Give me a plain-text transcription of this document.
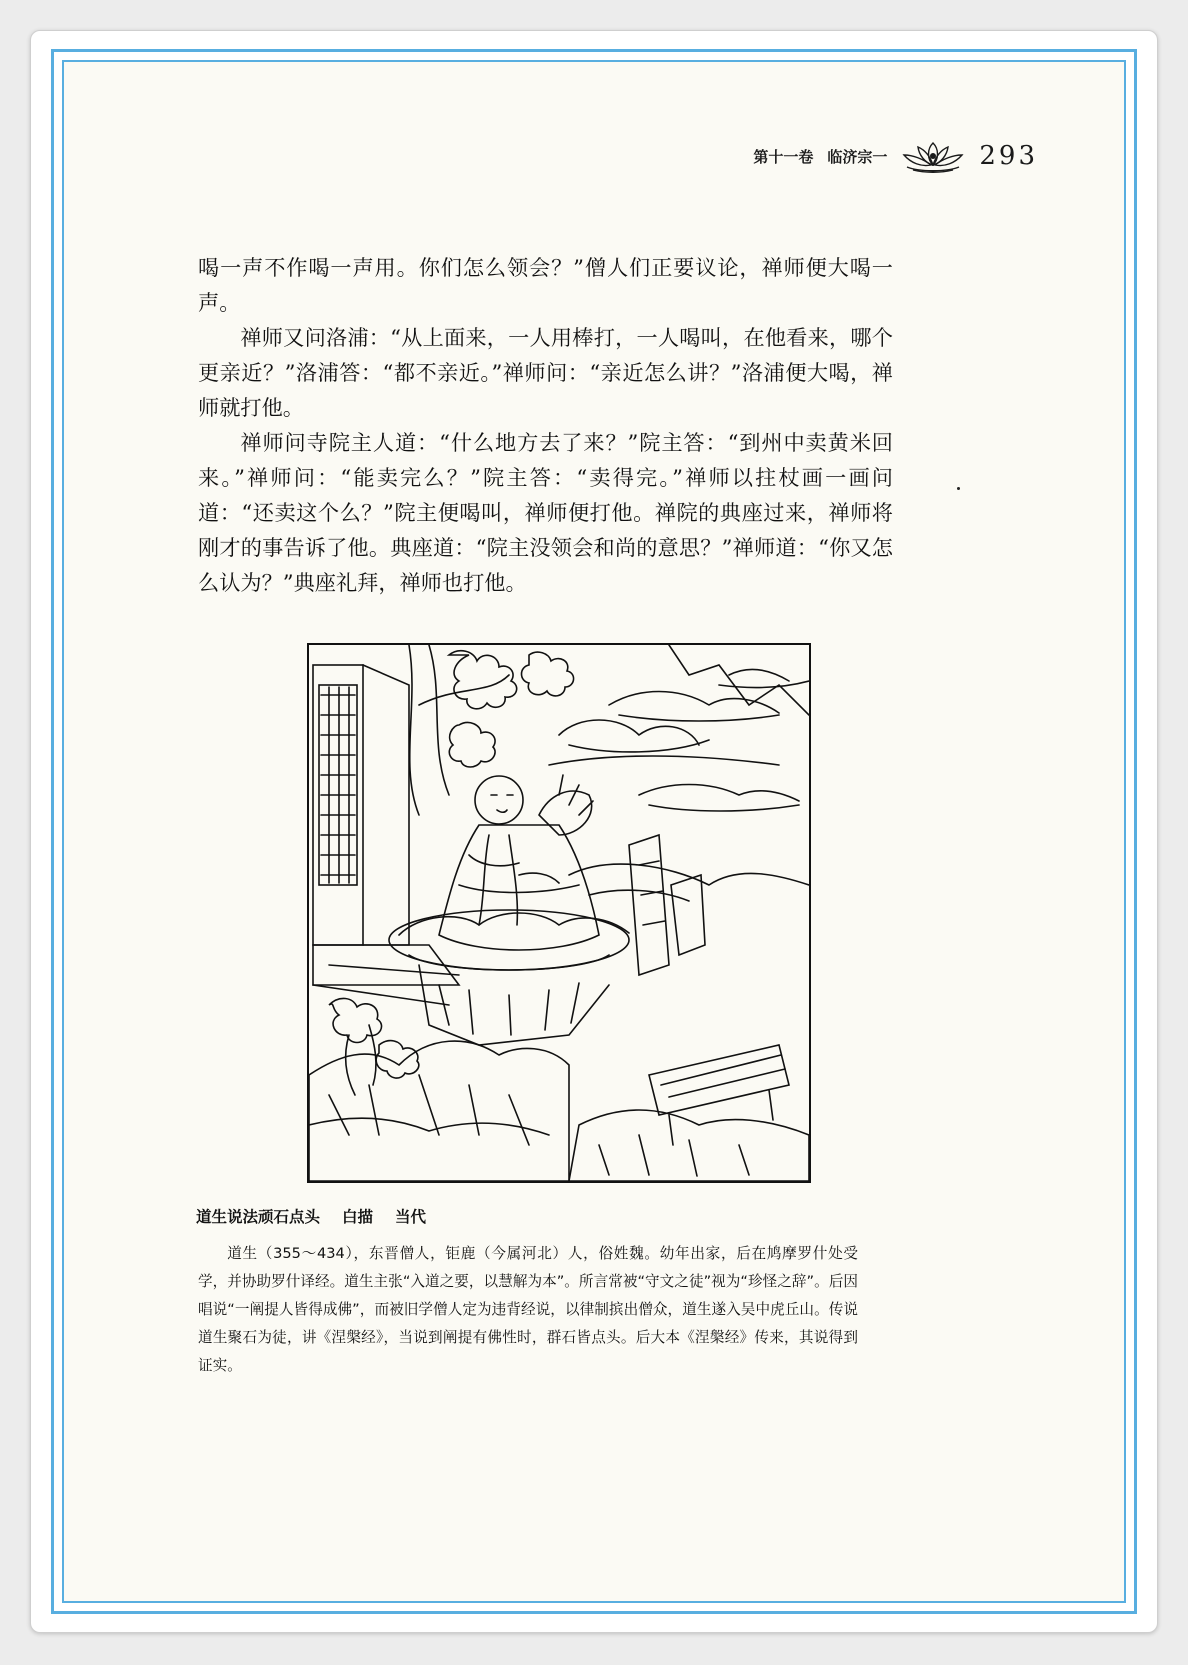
第十一卷 临济宗一	293

喝一声不作喝一声用。你们怎么领会？”僧人们正要议论，禅师便大喝一声。

禅师又问洛浦：“从上面来，一人用棒打，一人喝叫，在他看来，哪个更亲近？”洛浦答：“都不亲近。”禅师问：“亲近怎么讲？”洛浦便大喝，禅师就打他。

禅师问寺院主人道：“什么地方去了来？”院主答：“到州中卖黄米回来。”禅师问：“能卖完么？”院主答：“卖得完。”禅师以拄杖画一画问道：“还卖这个么？”院主便喝叫，禅师便打他。禅院的典座过来，禅师将刚才的事告诉了他。典座道：“院主没领会和尚的意思？”禅师道：“你又怎么认为？”典座礼拜，禅师也打他。

道生说法顽石点头 白描 当代

道生（355～434），东晋僧人，钜鹿（今属河北）人，俗姓魏。幼年出家，后在鸠摩罗什处受学，并协助罗什译经。道生主张“入道之要，以慧解为本”。所言常被“守文之徒”视为“珍怪之辞”。后因唱说“一阐提人皆得成佛”，而被旧学僧人定为违背经说，以律制摈出僧众，道生遂入吴中虎丘山。传说道生聚石为徒，讲《涅槃经》，当说到阐提有佛性时，群石皆点头。后大本《涅槃经》传来，其说得到证实。
